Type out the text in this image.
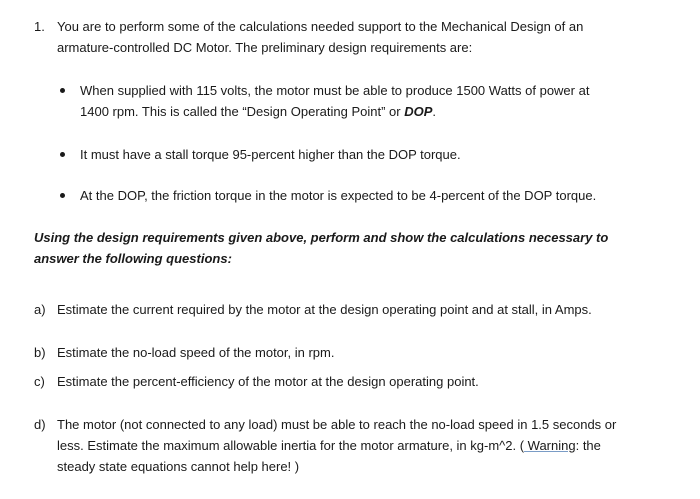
1. You are to perform some of the calculations needed support to the Mechanical Design of an
armature-controlled DC Motor. The preliminary design requirements are:
When supplied with 115 volts, the motor must be able to produce 1500 Watts of power at
1400 rpm. This is called the “Design Operating Point” or DOP.
It must have a stall torque 95-percent higher than the DOP torque.
At the DOP, the friction torque in the motor is expected to be 4-percent of the DOP torque.
Using the design requirements given above, perform and show the calculations necessary to
answer the following questions:
a) Estimate the current required by the motor at the design operating point and at stall, in Amps.
b) Estimate the no-load speed of the motor, in rpm.
c) Estimate the percent-efficiency of the motor at the design operating point.
d) The motor (not connected to any load) must be able to reach the no-load speed in 1.5 seconds or
less. Estimate the maximum allowable inertia for the motor armature, in kg-m^2. ( Warning: the
steady state equations cannot help here! )
